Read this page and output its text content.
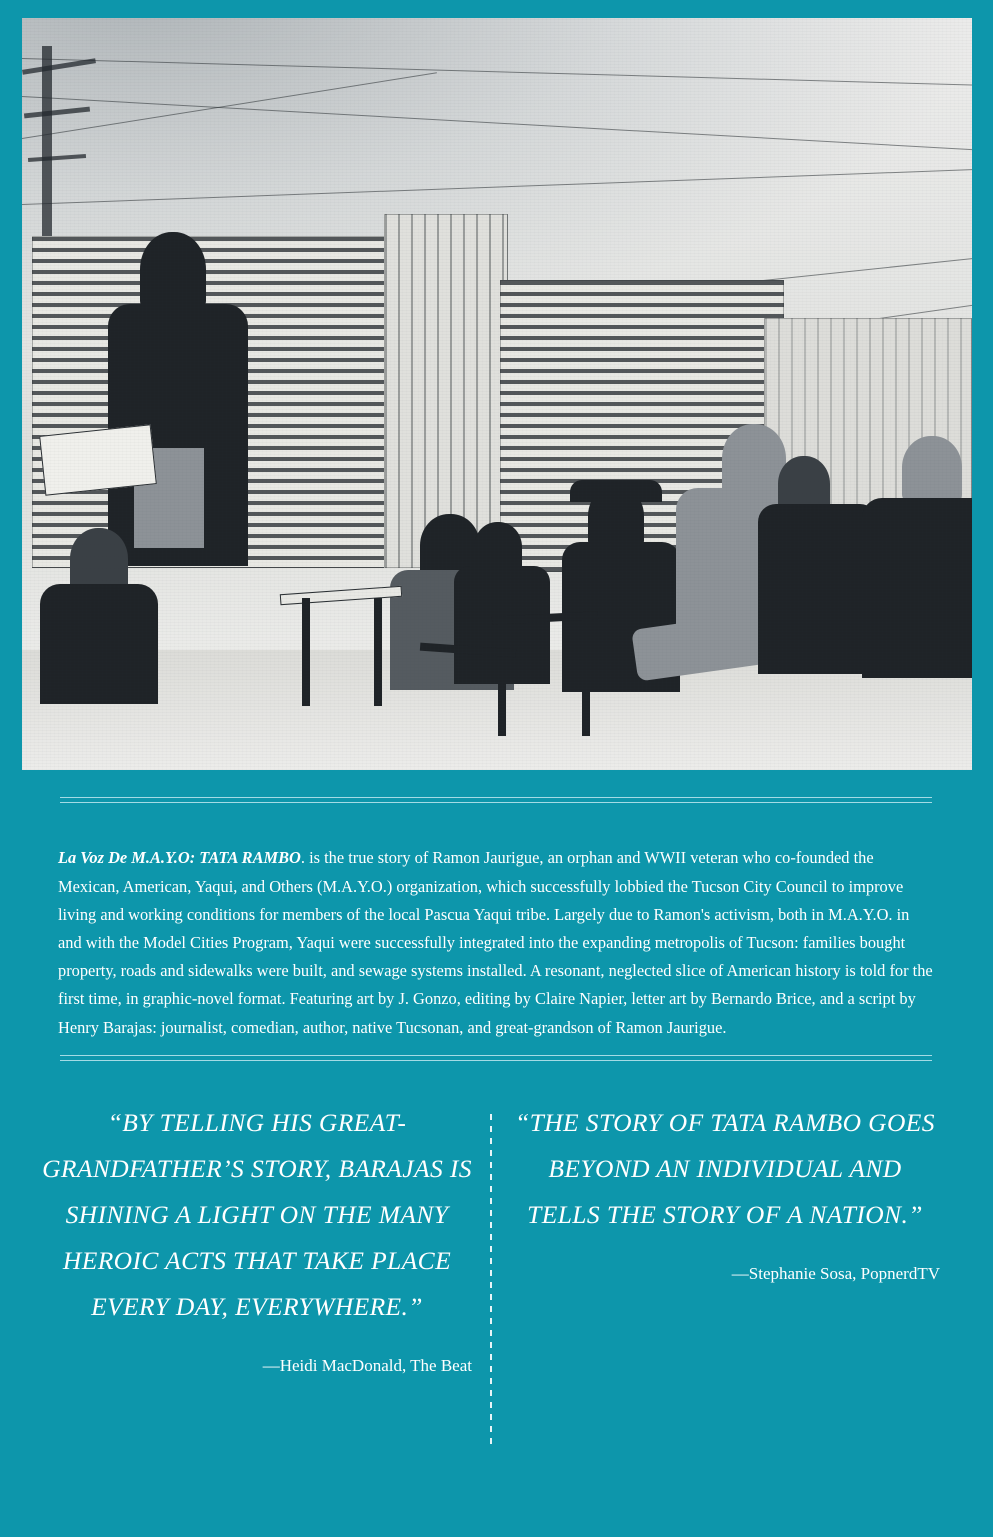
La Voz De M.A.Y.O: TATA RAMBO. is the true story of Ramon Jaurigue, an orphan and WWII veteran who co-founded the Mexican, American, Yaqui, and Others (M.A.Y.O.) organization, which successfully lobbied the Tucson City Council to improve living and working conditions for members of the local Pascua Yaqui tribe. Largely due to Ramon's activism, both in M.A.Y.O. in and with the Model Cities Program, Yaqui were successfully integrated into the expanding metropolis of Tucson: families bought property, roads and sidewalks were built, and sewage systems installed. A resonant, neglected slice of American history is told for the first time, in graphic-novel format. Featuring art by J. Gonzo, editing by Claire Napier, letter art by Bernardo Brice, and a script by Henry Barajas: journalist, comedian, author, native Tucsonan, and great-grandson of Ramon Jaurigue.

“BY TELLING HIS GREAT-GRANDFATHER’S STORY, BARAJAS IS SHINING A LIGHT ON THE MANY HEROIC ACTS THAT TAKE PLACE EVERY DAY, EVERYWHERE.”
—Heidi MacDonald, The Beat
“THE STORY OF TATA RAMBO GOES BEYOND AN INDIVIDUAL AND TELLS THE STORY OF A NATION.”
—Stephanie Sosa, PopnerdTV
